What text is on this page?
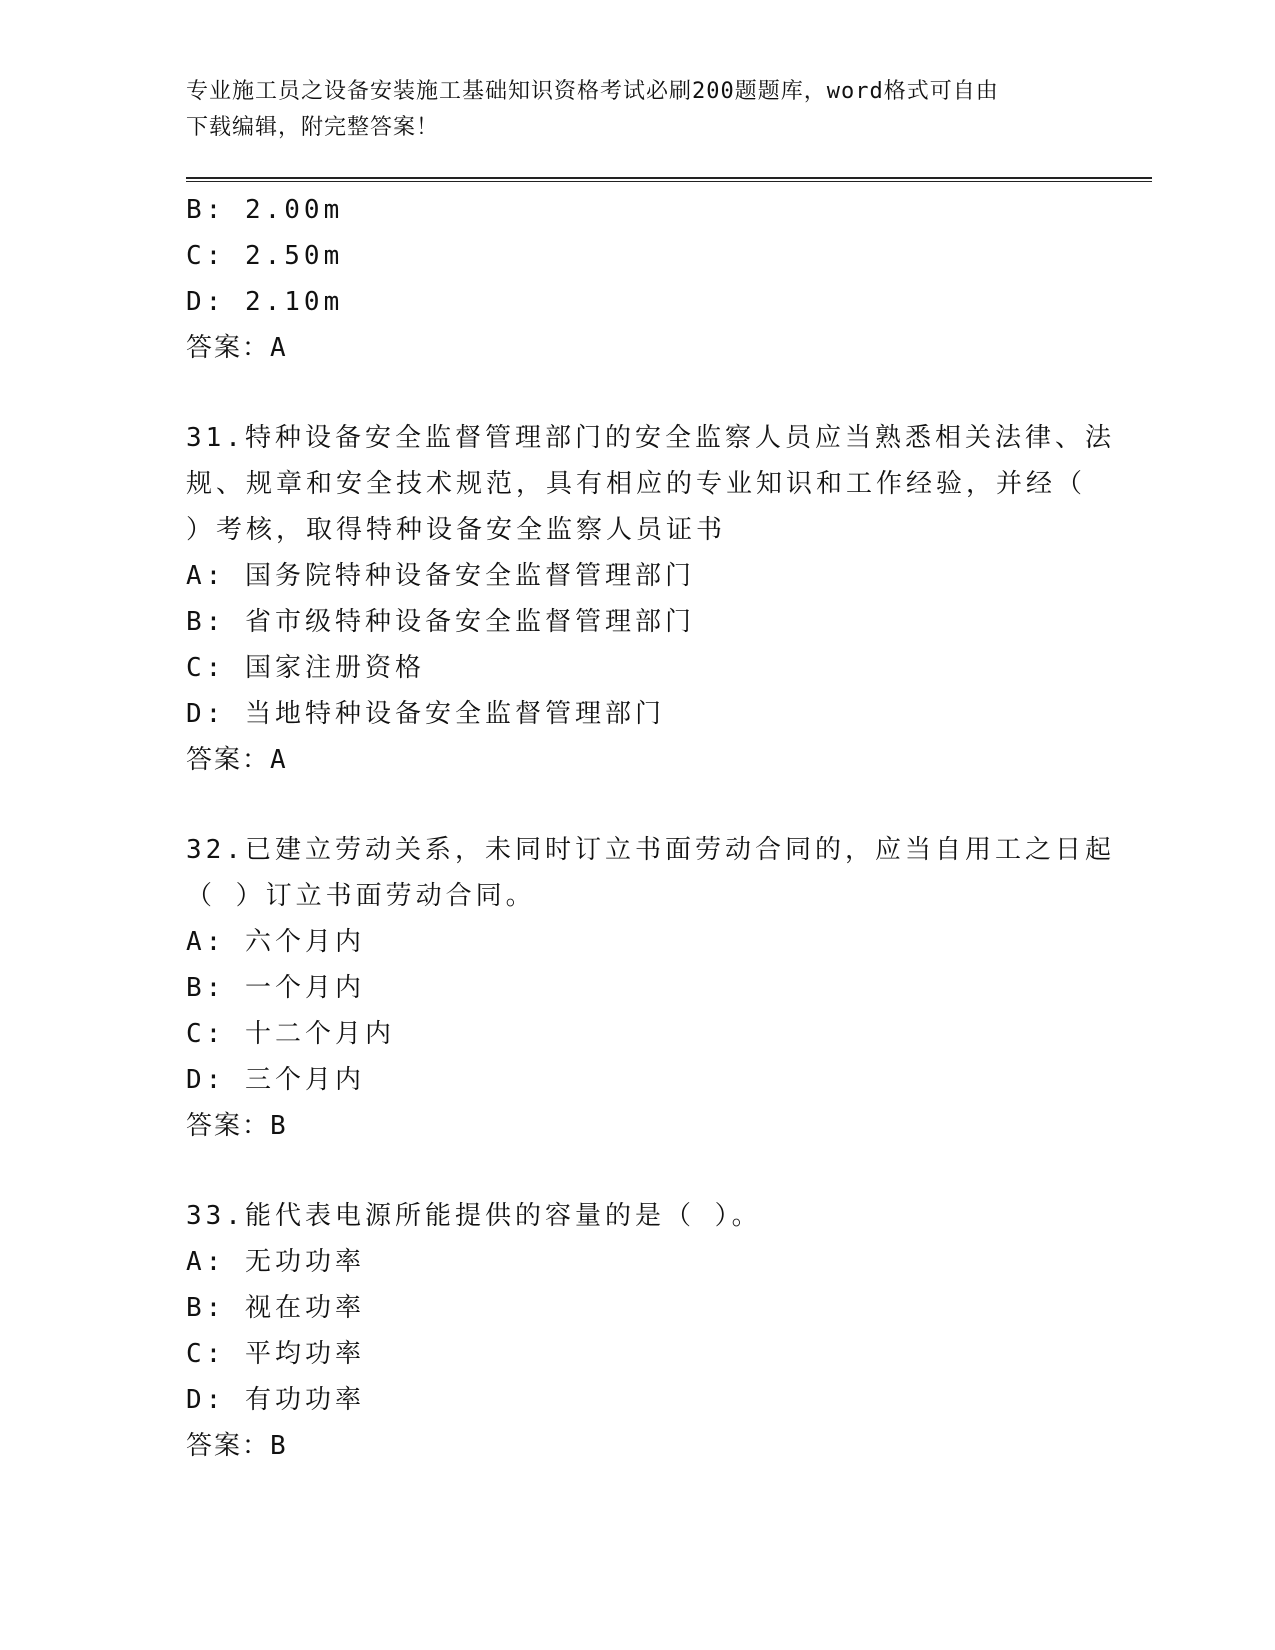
专业施工员之设备安装施工基础知识资格考试必刷200题题库，word格式可自由
下载编辑，附完整答案！
B: 2.00m
C: 2.50m
D: 2.10m
答案：A
31.特种设备安全监督管理部门的安全监察人员应当熟悉相关法律、法
规、规章和安全技术规范，具有相应的专业知识和工作经验，并经（
）考核，取得特种设备安全监察人员证书
A: 国务院特种设备安全监督管理部门
B: 省市级特种设备安全监督管理部门
C: 国家注册资格
D: 当地特种设备安全监督管理部门
答案：A
32.已建立劳动关系，未同时订立书面劳动合同的，应当自用工之日起
（ ）订立书面劳动合同。
A: 六个月内
B: 一个月内
C: 十二个月内
D: 三个月内
答案：B
33.能代表电源所能提供的容量的是（ ）。
A: 无功功率
B: 视在功率
C: 平均功率
D: 有功功率
答案：B
